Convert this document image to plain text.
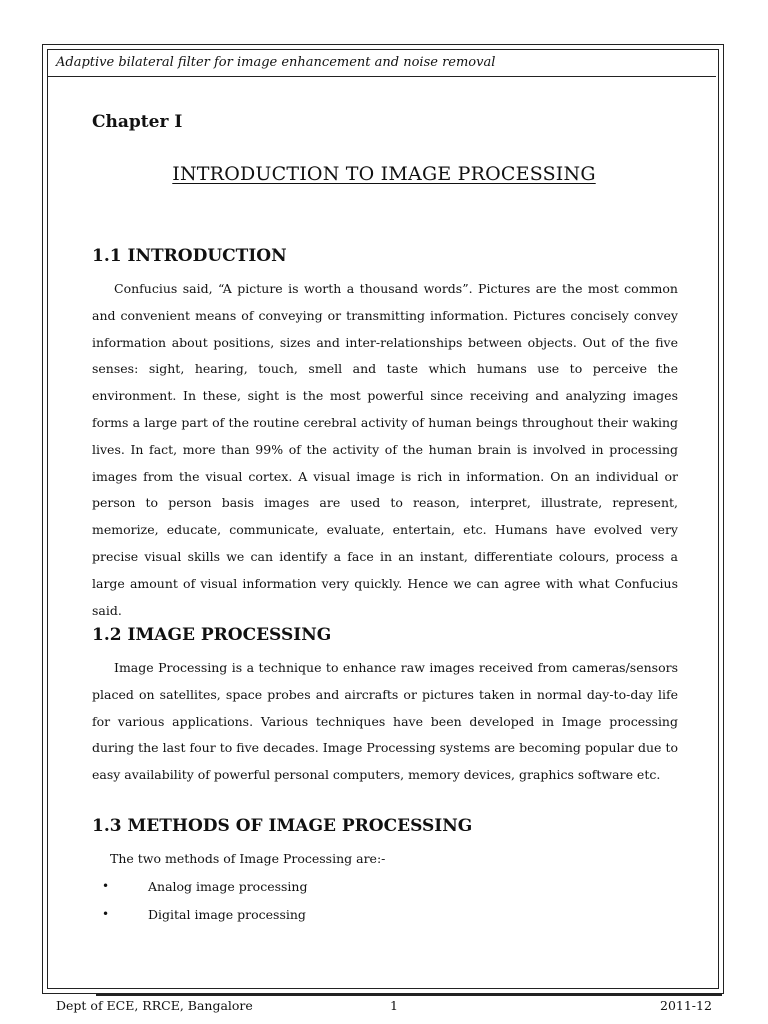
Adaptive bilateral filter for image enhancement and noise removal
Chapter I
INTRODUCTION TO IMAGE PROCESSING
1.1 INTRODUCTION

Confucius said, “A picture is worth a thousand words”. Pictures are the most common and convenient means of conveying or transmitting information. Pictures concisely convey information about positions, sizes and inter-relationships between objects. Out of the five senses: sight, hearing, touch, smell and taste which humans use to perceive the environment. In these, sight is the most powerful since receiving and analyzing images forms a large part of the routine cerebral activity of human beings throughout their waking lives. In fact, more than 99% of the activity of the human brain is involved in processing images from the visual cortex. A visual image is rich in information. On an individual or person to person basis images are used to reason, interpret, illustrate, represent, memorize, educate, communicate, evaluate, entertain, etc. Humans have evolved very precise visual skills we can identify a face in an instant, differentiate colours, process a large amount of visual information very quickly. Hence we can agree with what Confucius said.

1.2 IMAGE PROCESSING

Image Processing is a technique to enhance raw images received from cameras/sensors placed on satellites, space probes and aircrafts or pictures taken in normal day-to-day life for various applications. Various techniques have been developed in Image processing during the last four to five decades. Image Processing systems are becoming popular due to easy availability of powerful personal computers, memory devices, graphics software etc.

1.3 METHODS OF IMAGE PROCESSING
The two methods of Image Processing are:-
•	Analog image processing
•	Digital image processing
Dept of ECE, RRCE, Bangalore	1	2011-12
